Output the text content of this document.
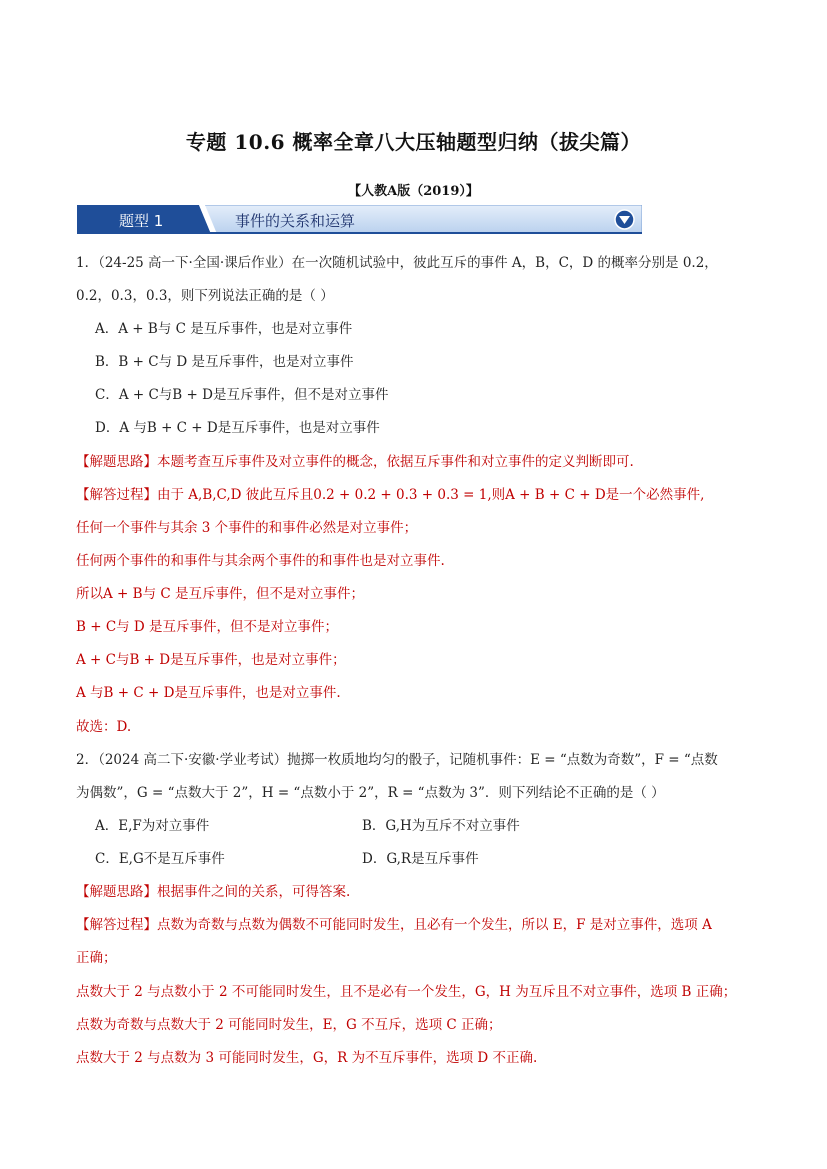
专题 10.6 概率全章八大压轴题型归纳（拔尖篇）
【人教A版（2019）】
题型 1	事件的关系和运算
1．（24-25 高一下·全国·课后作业）在一次随机试验中，彼此互斥的事件 A，B，C，D 的概率分别是 0.2，
0.2，0.3，0.3，则下列说法正确的是（ ）
A．A + B与 C 是互斥事件，也是对立事件
B．B + C与 D 是互斥事件，也是对立事件
C．A + C与B + D是互斥事件，但不是对立事件
D．A 与B + C + D是互斥事件，也是对立事件
【解题思路】本题考查互斥事件及对立事件的概念，依据互斥事件和对立事件的定义判断即可.
【解答过程】由于 A,B,C,D 彼此互斥且0.2 + 0.2 + 0.3 + 0.3 = 1,则A + B + C + D是一个必然事件,
任何一个事件与其余 3 个事件的和事件必然是对立事件；
任何两个事件的和事件与其余两个事件的和事件也是对立事件.
所以A + B与 C 是互斥事件，但不是对立事件；
B + C与 D 是互斥事件，但不是对立事件；
A + C与B + D是互斥事件，也是对立事件；
A 与B + C + D是互斥事件，也是对立事件.
故选：D.
2．（2024 高二下·安徽·学业考试）抛掷一枚质地均匀的骰子，记随机事件：E = “点数为奇数”，F = “点数
为偶数”，G = “点数大于 2”，H = “点数小于 2”，R = “点数为 3”．则下列结论不正确的是（ ）
A．E,F为对立事件	B．G,H为互斥不对立事件
C．E,G不是互斥事件	D．G,R是互斥事件
【解题思路】根据事件之间的关系，可得答案.
【解答过程】点数为奇数与点数为偶数不可能同时发生，且必有一个发生，所以 E，F 是对立事件，选项 A
正确；
点数大于 2 与点数小于 2 不可能同时发生，且不是必有一个发生，G，H 为互斥且不对立事件，选项 B 正确；
点数为奇数与点数大于 2 可能同时发生，E，G 不互斥，选项 C 正确；
点数大于 2 与点数为 3 可能同时发生，G，R 为不互斥事件，选项 D 不正确.
